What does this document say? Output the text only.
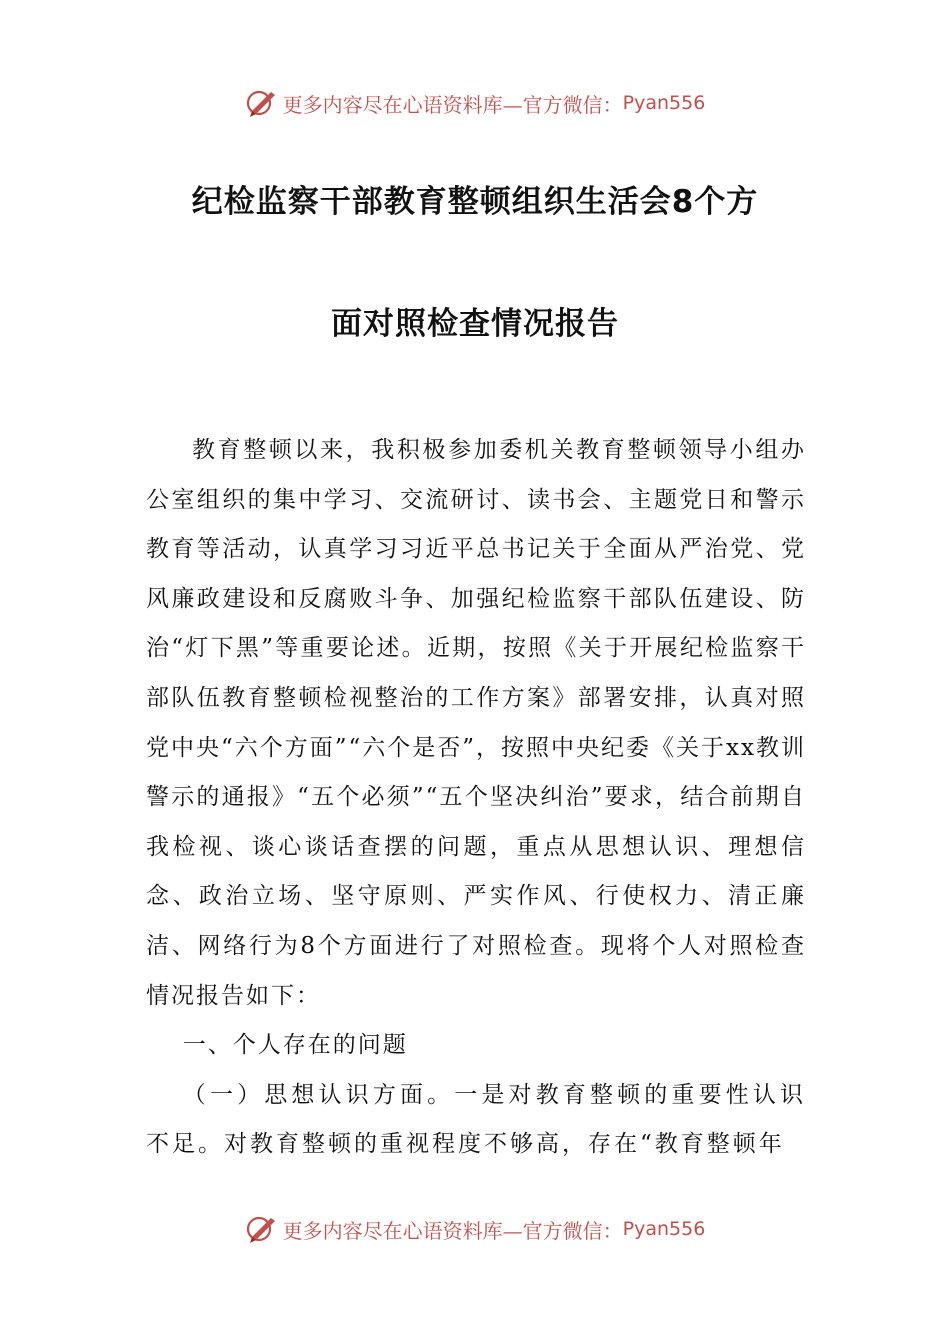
更多内容尽在心语资料库—官方微信： Pyan556
纪检监察干部教育整顿组织生活会8个方
面对照检查情况报告

教育整顿以来，我积极参加委机关教育整顿领导小组办公室组织的集中学习、交流研讨、读书会、主题党日和警示教育等活动，认真学习习近平总书记关于全面从严治党、党风廉政建设和反腐败斗争、加强纪检监察干部队伍建设、防治“灯下黑”等重要论述。近期，按照《关于开展纪检监察干部队伍教育整顿检视整治的工作方案》部署安排，认真对照党中央“六个方面”“六个是否”，按照中央纪委《关于xx教训警示的通报》“五个必须”“五个坚决纠治”要求，结合前期自我检视、谈心谈话查摆的问题，重点从思想认识、理想信念、政治立场、坚守原则、严实作风、行使权力、清正廉洁、网络行为8个方面进行了对照检查。现将个人对照检查情况报告如下：

一、个人存在的问题

（一）思想认识方面。一是对教育整顿的重要性认识不足。对教育整顿的重视程度不够高，存在“教育整顿年

更多内容尽在心语资料库—官方微信： Pyan556
